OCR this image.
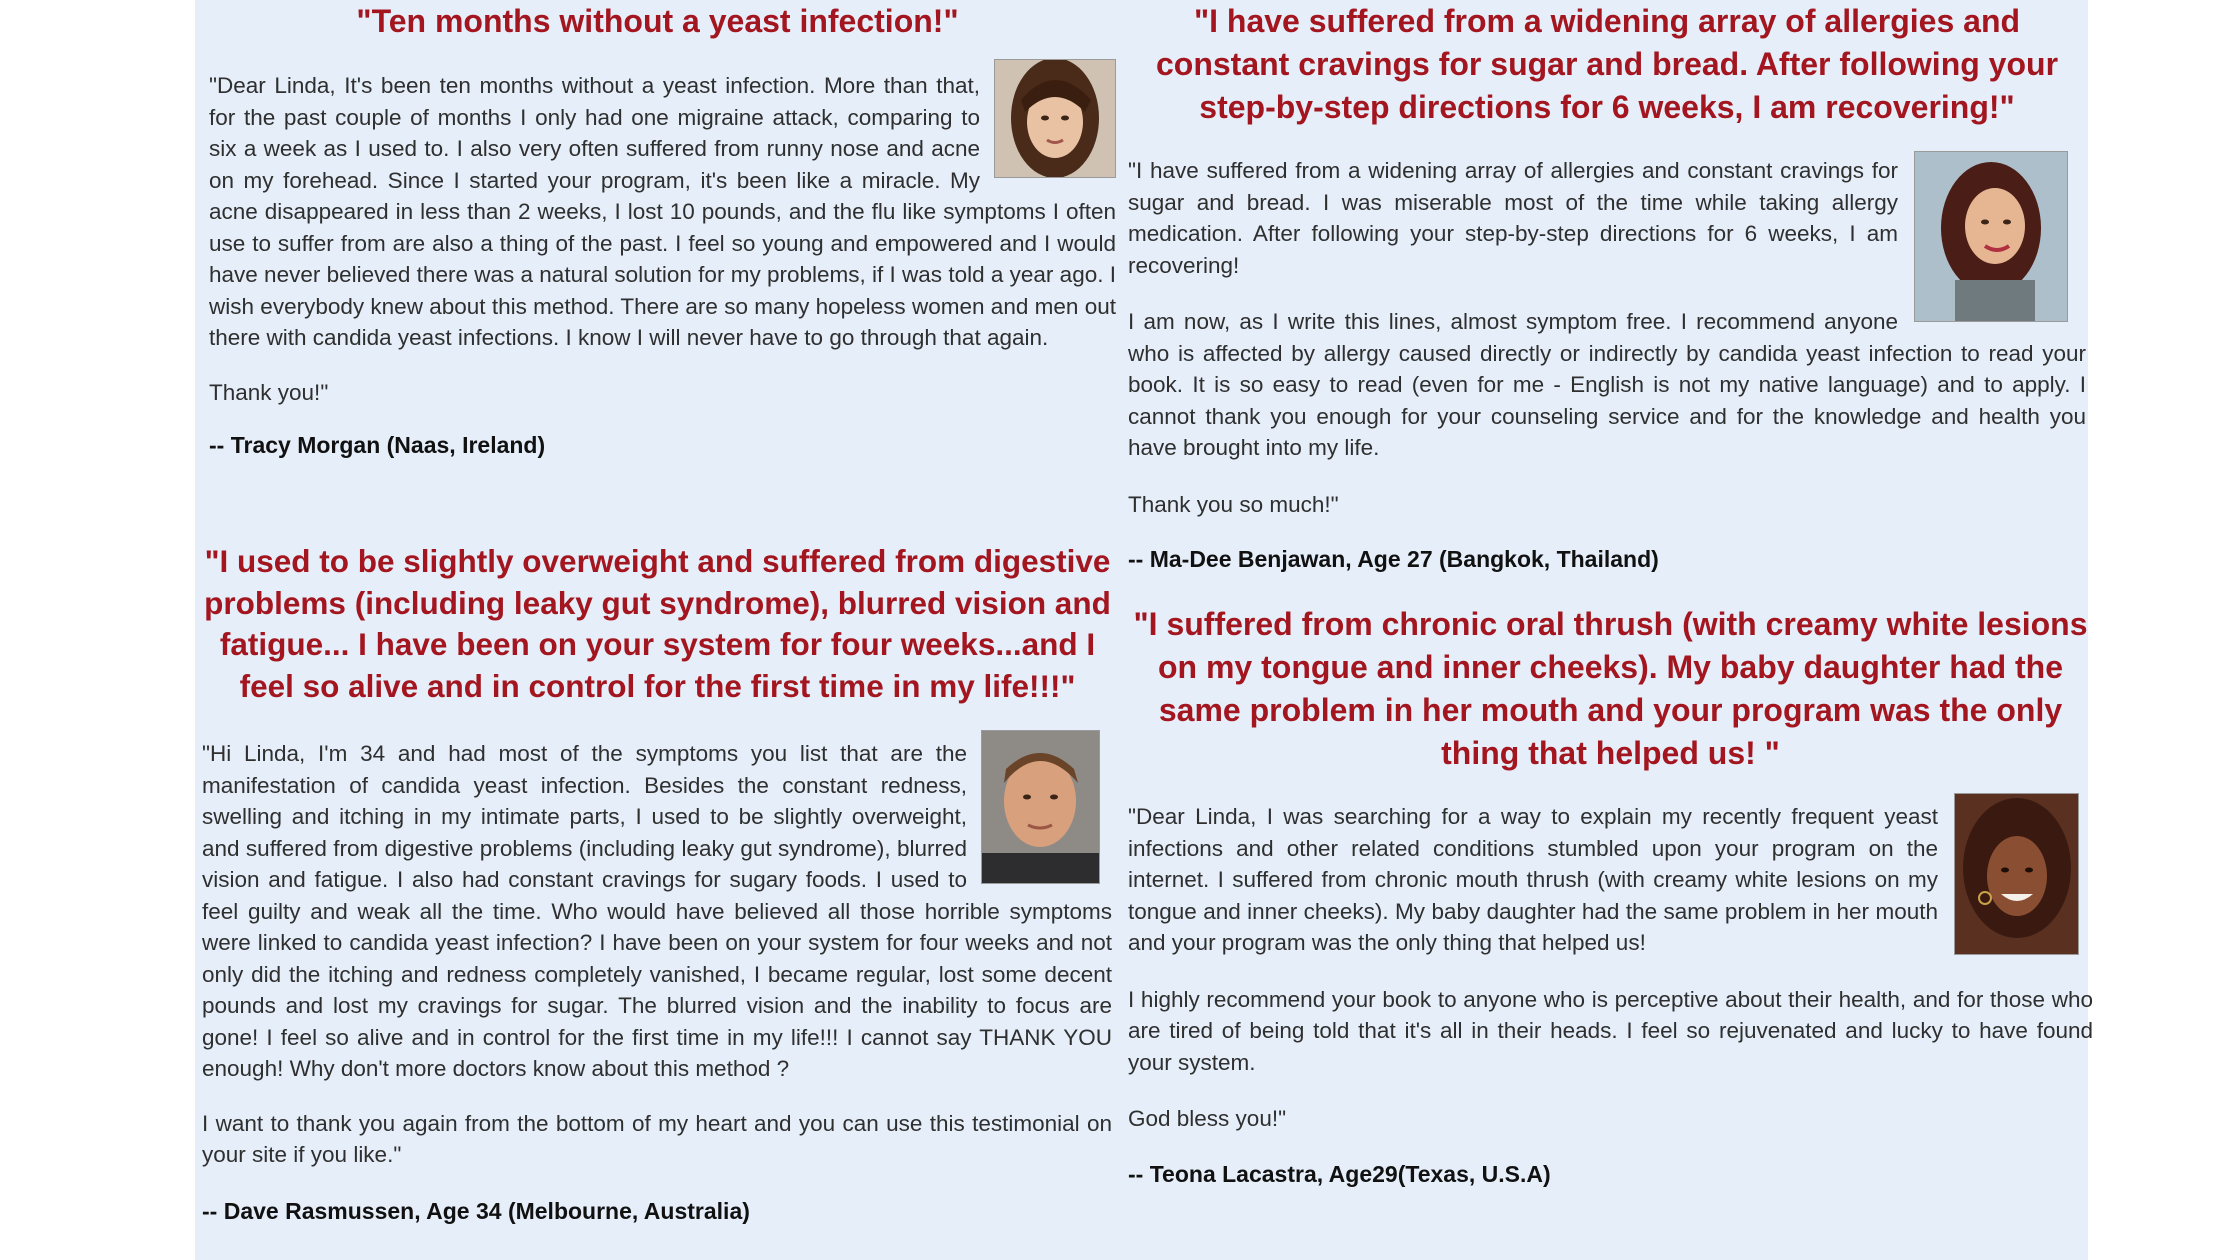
"Ten months without a yeast infection!"

"Dear Linda, It's been ten months without a yeast infection. More than that, for the past couple of months I only had one migraine attack, comparing to six a week as I used to. I also very often suffered from runny nose and acne on my forehead. Since I started your program, it's been like a miracle. My acne disappeared in less than 2 weeks, I lost 10 pounds, and the flu like symptoms I often use to suffer from are also a thing of the past. I feel so young and empowered and I would have never believed there was a natural solution for my problems, if I was told a year ago. I wish everybody knew about this method. There are so many hopeless women and men out there with candida yeast infections. I know I will never have to go through that again.

Thank you!"

-- Tracy Morgan (Naas, Ireland)

"I used to be slightly overweight and suffered from digestive problems (including leaky gut syndrome), blurred vision and fatigue... I have been on your system for four weeks...and I feel so alive and in control for the first time in my life!!!"

"Hi Linda, I'm 34 and had most of the symptoms you list that are the manifestation of candida yeast infection. Besides the constant redness, swelling and itching in my intimate parts, I used to be slightly overweight, and suffered from digestive problems (including leaky gut syndrome), blurred vision and fatigue. I also had constant cravings for sugary foods. I used to feel guilty and weak all the time. Who would have believed all those horrible symptoms were linked to candida yeast infection? I have been on your system for four weeks and not only did the itching and redness completely vanished, I became regular, lost some decent pounds and lost my cravings for sugar. The blurred vision and the inability to focus are gone! I feel so alive and in control for the first time in my life!!! I cannot say THANK YOU enough! Why don't more doctors know about this method ?

I want to thank you again from the bottom of my heart and you can use this testimonial on your site if you like."

-- Dave Rasmussen, Age 34 (Melbourne, Australia)

"I have suffered from a widening array of allergies and constant cravings for sugar and bread. After following your step-by-step directions for 6 weeks, I am recovering!"

"I have suffered from a widening array of allergies and constant cravings for sugar and bread. I was miserable most of the time while taking allergy medication. After following your step-by-step directions for 6 weeks, I am recovering!

I am now, as I write this lines, almost symptom free. I recommend anyone who is affected by allergy caused directly or indirectly by candida yeast infection to read your book. It is so easy to read (even for me - English is not my native language) and to apply. I cannot thank you enough for your counseling service and for the knowledge and health you have brought into my life.

Thank you so much!"

-- Ma-Dee Benjawan, Age 27 (Bangkok, Thailand)

"I suffered from chronic oral thrush (with creamy white lesions on my tongue and inner cheeks). My baby daughter had the same problem in her mouth and your program was the only thing that helped us! "

"Dear Linda, I was searching for a way to explain my recently frequent yeast infections and other related conditions stumbled upon your program on the internet. I suffered from chronic mouth thrush (with creamy white lesions on my tongue and inner cheeks). My baby daughter had the same problem in her mouth and your program was the only thing that helped us!

I highly recommend your book to anyone who is perceptive about their health, and for those who are tired of being told that it's all in their heads. I feel so rejuvenated and lucky to have found your system.

God bless you!"

-- Teona Lacastra, Age29(Texas, U.S.A)
